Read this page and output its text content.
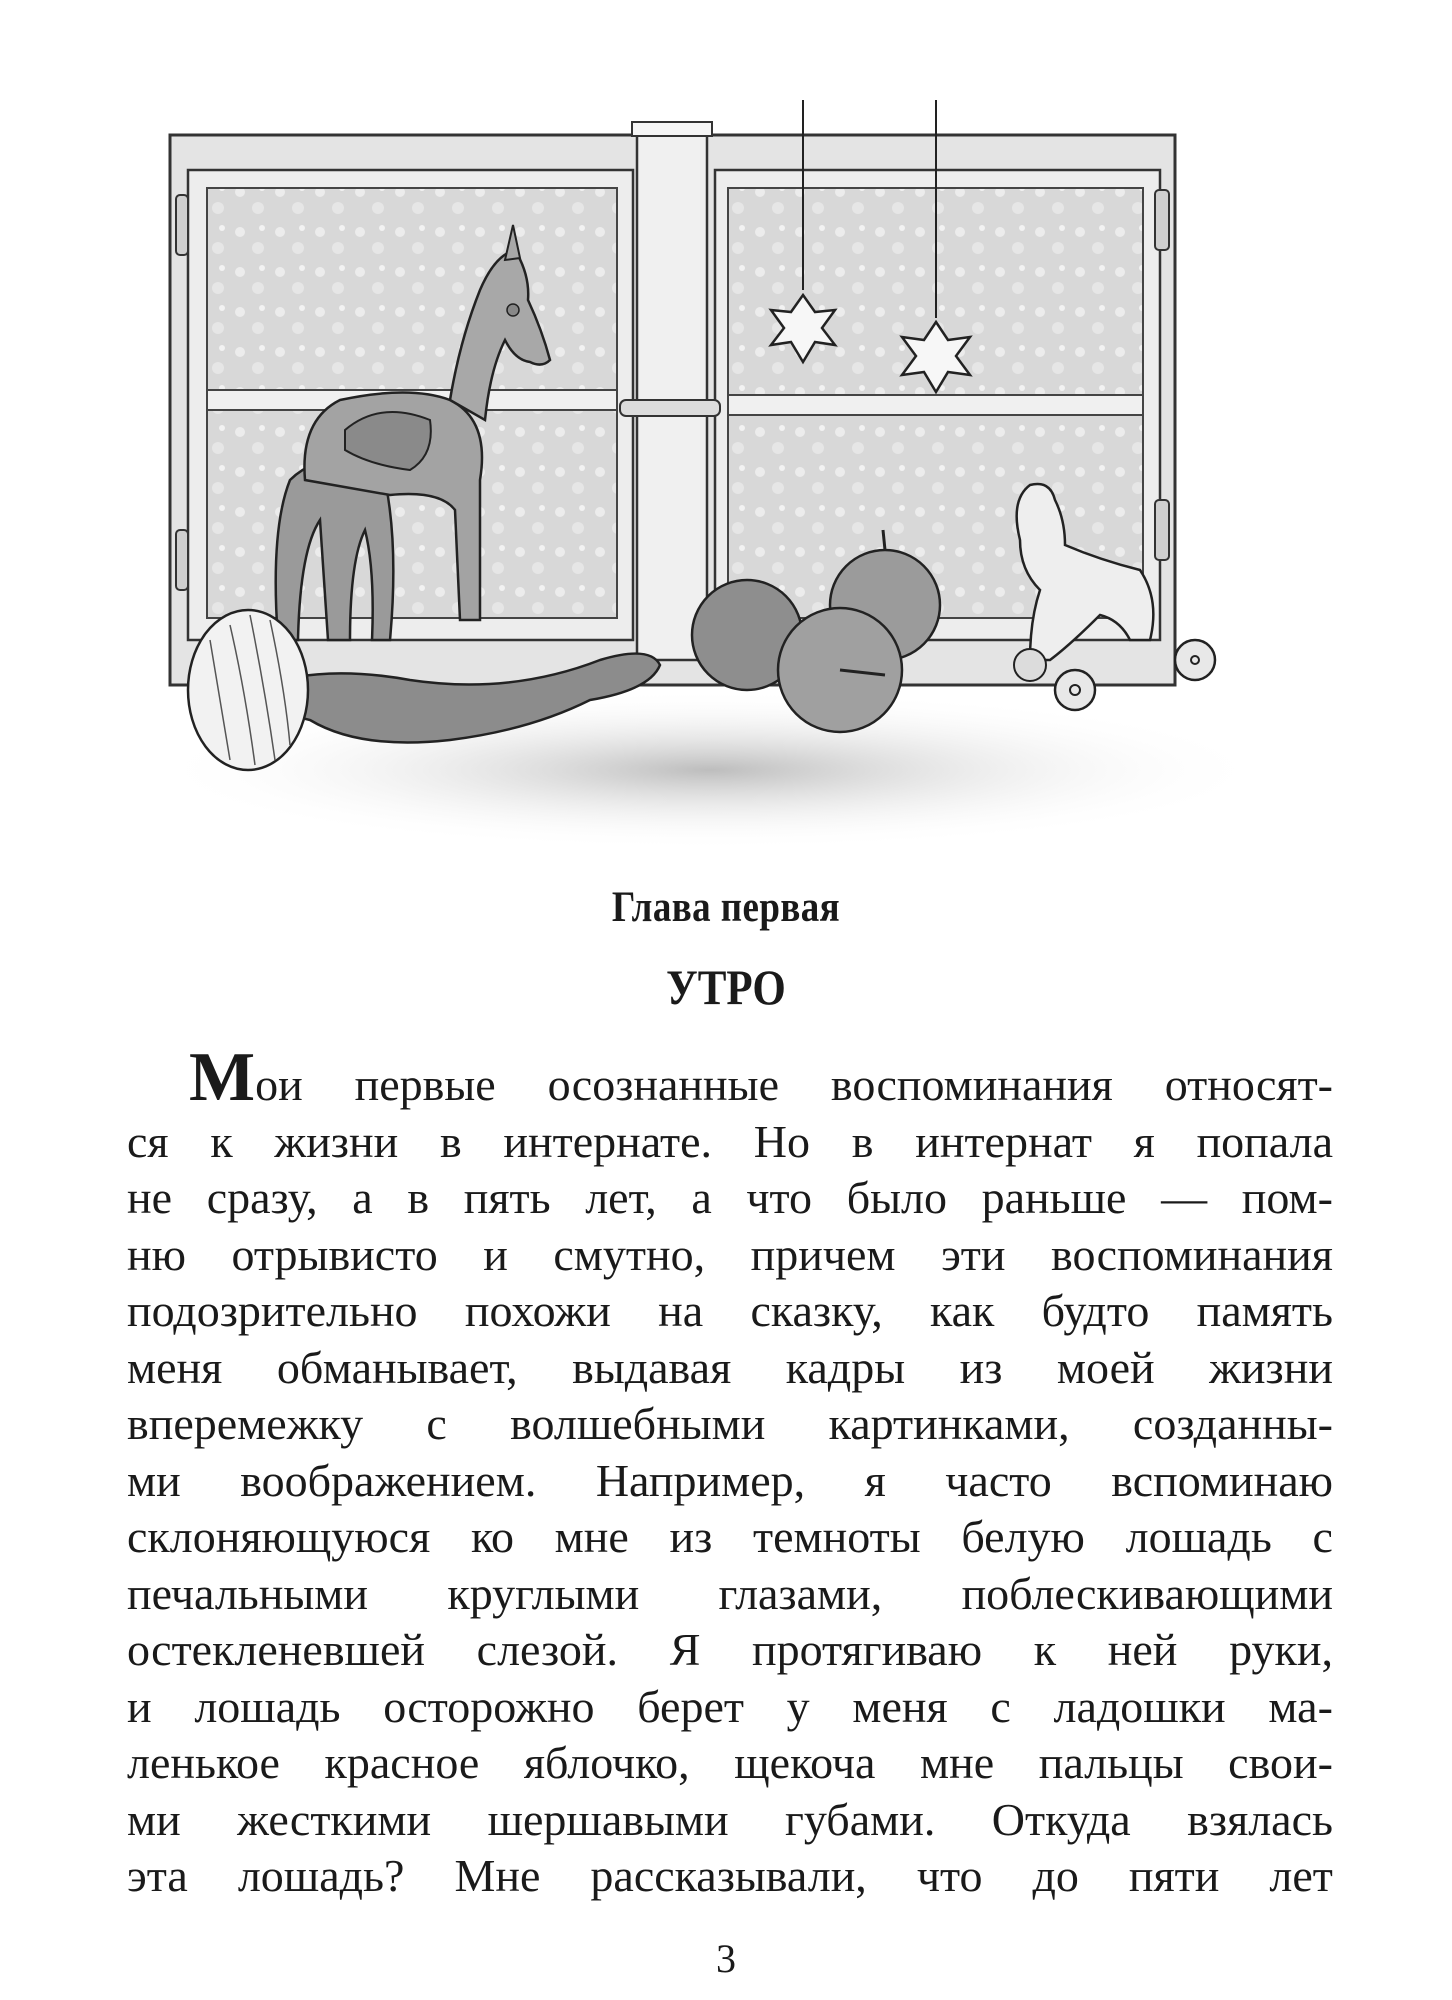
Глава первая
УТРО
Мои первые осознанные воспоминания относят-
ся к жизни в интернате. Но в интернат я попала
не сразу, а в пять лет, а что было раньше — пом-
ню отрывисто и смутно, причем эти воспоминания
подозрительно похожи на сказку, как будто память
меня обманывает, выдавая кадры из моей жизни
вперемежку с волшебными картинками, созданны-
ми воображением. Например, я часто вспоминаю
склоняющуюся ко мне из темноты белую лошадь с
печальными круглыми глазами, поблескивающими
остекленевшей слезой. Я протягиваю к ней руки,
и лошадь осторожно берет у меня с ладошки ма-
ленькое красное яблочко, щекоча мне пальцы свои-
ми жесткими шершавыми губами. Откуда взялась
эта лошадь? Мне рассказывали, что до пяти лет
3
